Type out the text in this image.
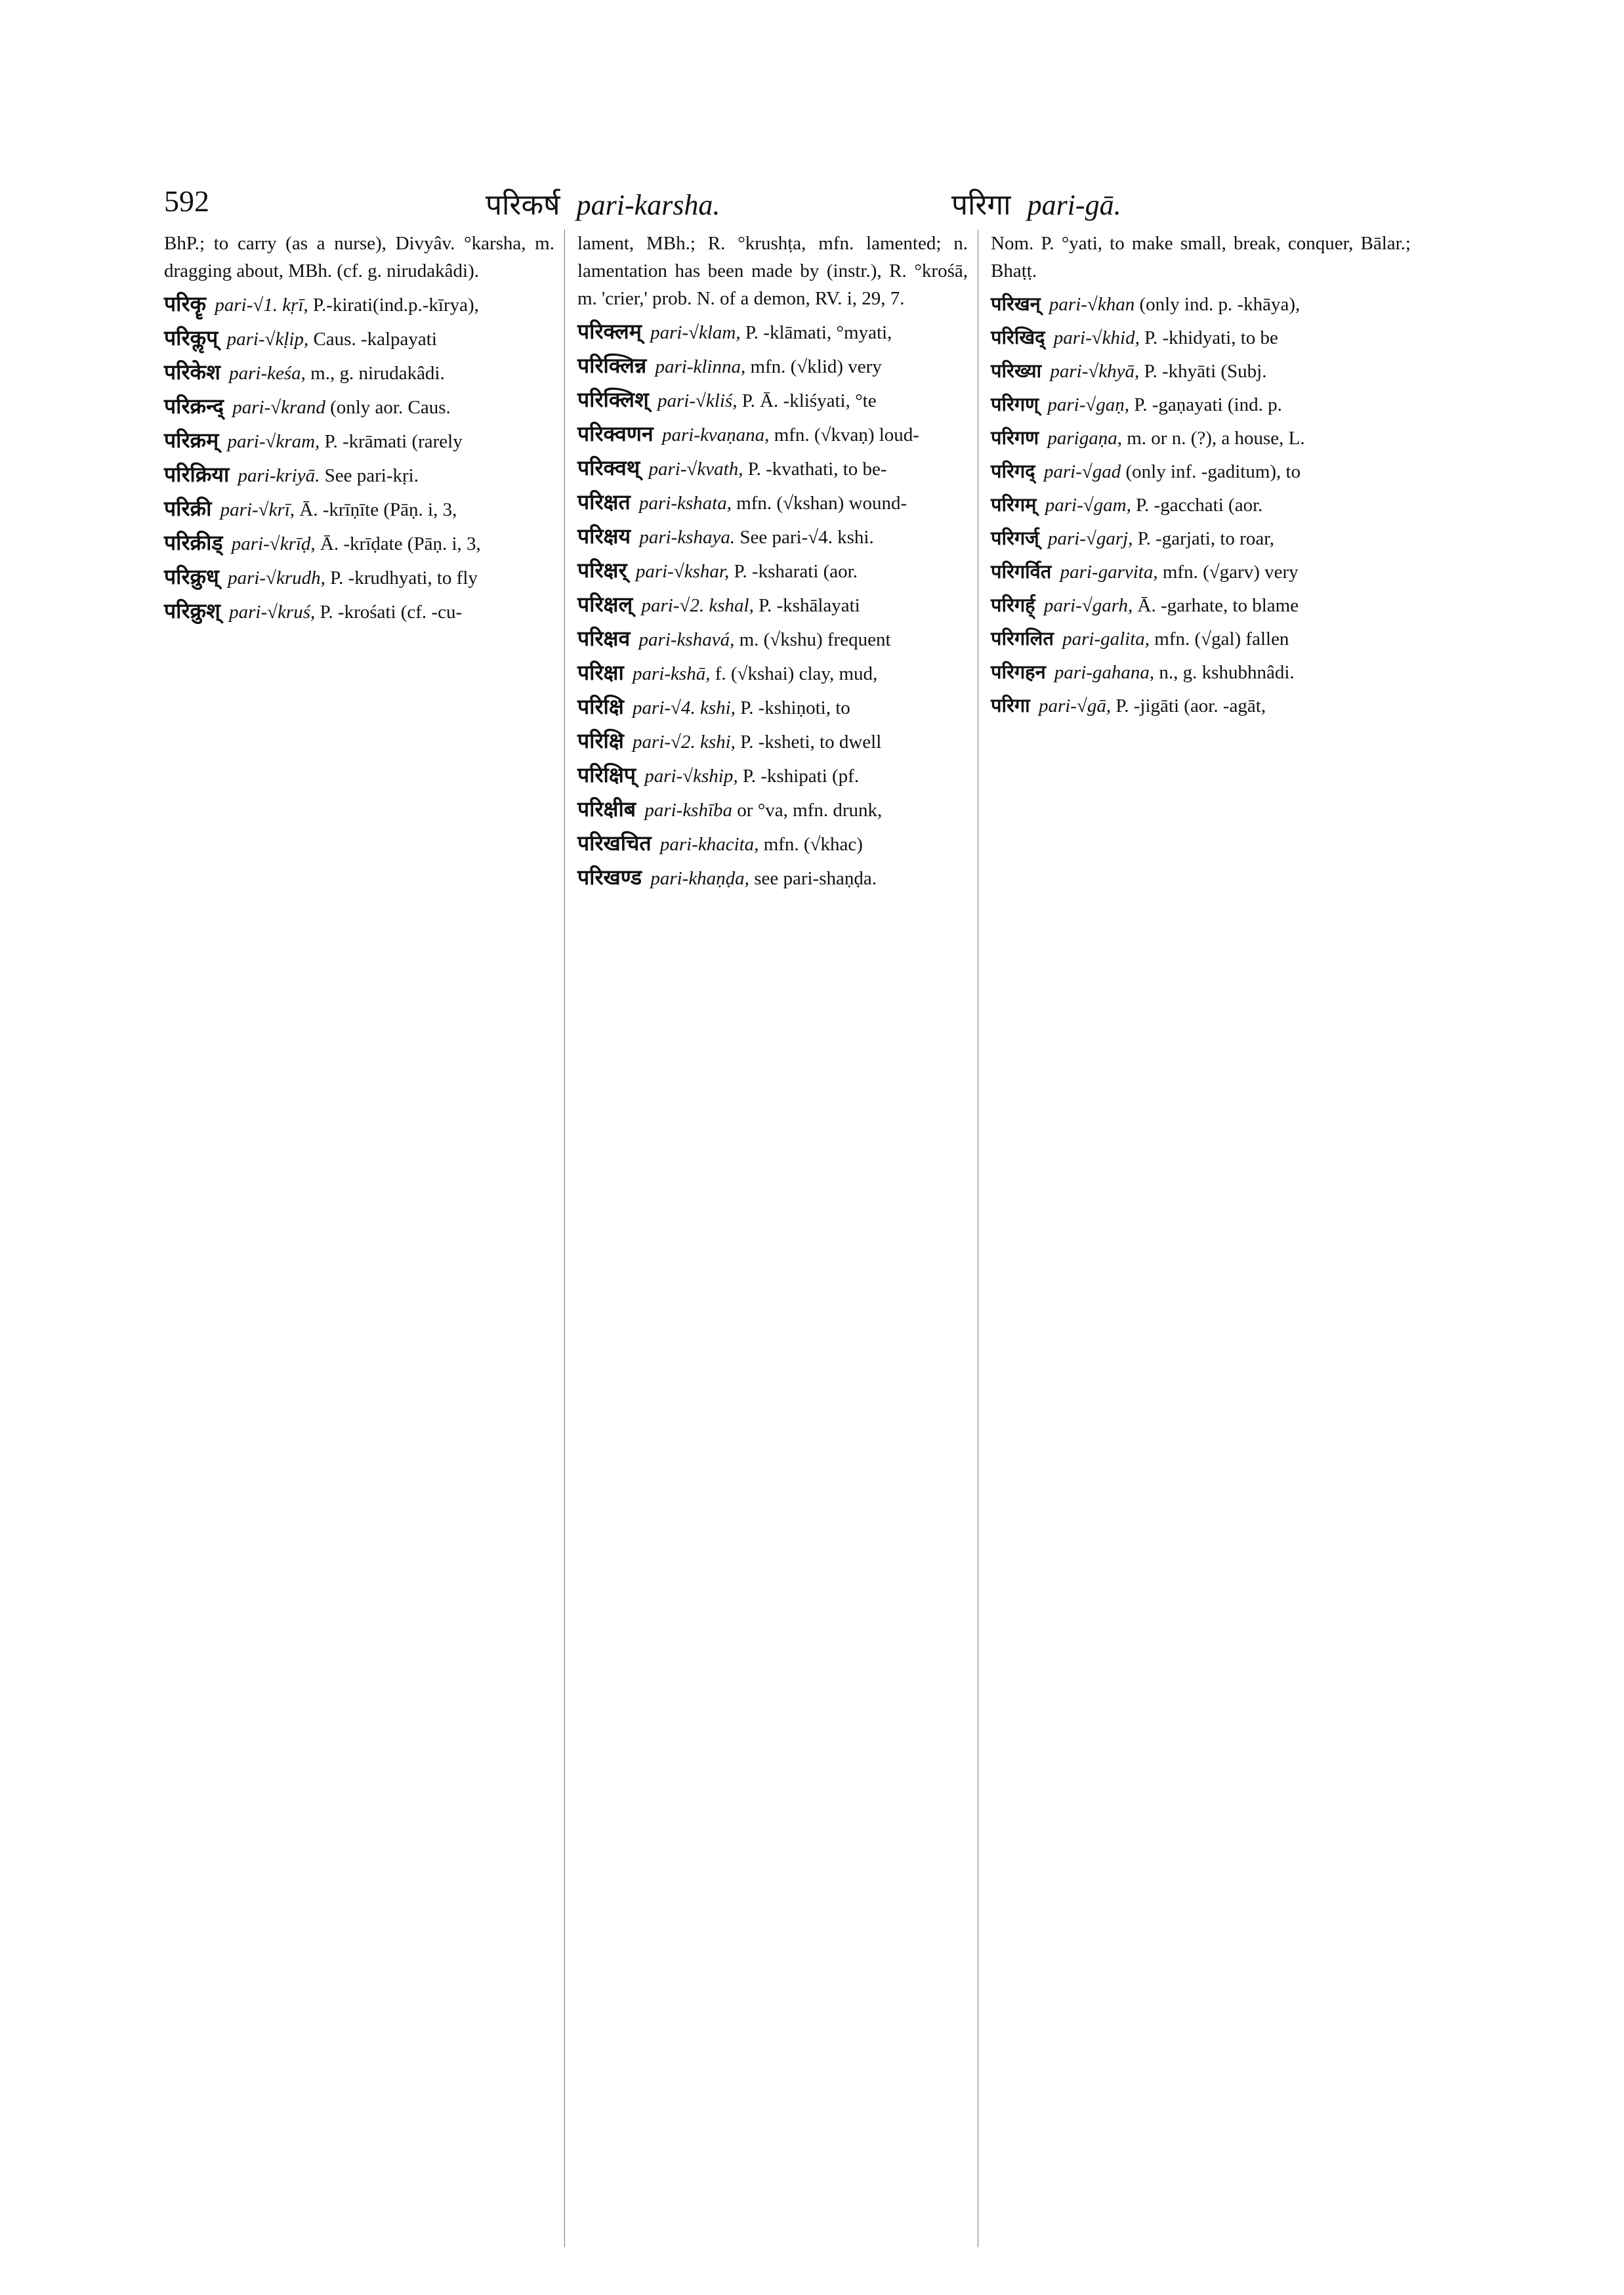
592	परिकर्ष pari-karsha.	परिगा pari-gā.

BhP.; to carry (as a nurse), Divyâv. °karsha, m. dragging about, MBh. (cf. g. nirudakâdi).

परिकॄ pari-√1. kṛī, P.-kirati(ind.p.-kīrya),

परिकॢप् pari-√kḷip, Caus. -kalpayati

परिकेश pari-keśa, m., g. nirudakâdi.

परिक्रन्द् pari-√krand (only aor. Caus.

परिक्रम् pari-√kram, P. -krāmati (rarely

परिक्रिया pari-kriyā. See pari-kṛi.

परिक्री pari-√krī, Ā. -krīṇīte (Pāṇ. i, 3,

परिक्रीड् pari-√krīḍ, Ā. -krīḍate (Pāṇ. i, 3,

परिक्रुध् pari-√krudh, P. -krudhyati, to fly

परिक्रुश् pari-√kruś, P. -krośati (cf. -cu-

lament, MBh.; R. °krushṭa, mfn. lamented; n. lamentation has been made by (instr.), R. °krośā, m. 'crier,' prob. N. of a demon, RV. i, 29, 7.

परिक्लम् pari-√klam, P. -klāmati, °myati,

परिक्लिन्न pari-klinna, mfn. (√klid) very

परिक्लिश् pari-√kliś, P. Ā. -kliśyati, °te

परिक्वणन pari-kvaṇana, mfn. (√kvaṇ) loud-

परिक्वथ् pari-√kvath, P. -kvathati, to be-

परिक्षत pari-kshata, mfn. (√kshan) wound-

परिक्षय pari-kshaya. See pari-√4. kshi.

परिक्षर् pari-√kshar, P. -ksharati (aor.

परिक्षल् pari-√2. kshal, P. -kshālayati

परिक्षव pari-kshavá, m. (√kshu) frequent

परिक्षा pari-kshā, f. (√kshai) clay, mud,

परिक्षि pari-√4. kshi, P. -kshiṇoti, to

परिक्षि pari-√2. kshi, P. -ksheti, to dwell

परिक्षिप् pari-√kship, P. -kshipati (pf.

परिक्षीब pari-kshība or °va, mfn. drunk,

परिखचित pari-khacita, mfn. (√khac)

परिखण्ड pari-khaṇḍa, see pari-shaṇḍa.

Nom. P. °yati, to make small, break, conquer, Bālar.; Bhaṭṭ.

परिखन् pari-√khan (only ind. p. -khāya),

परिखिद् pari-√khid, P. -khidyati, to be

परिख्या pari-√khyā, P. -khyāti (Subj.

परिगण् pari-√gaṇ, P. -gaṇayati (ind. p.

परिगण parigaṇa, m. or n. (?), a house, L.

परिगद् pari-√gad (only inf. -gaditum), to

परिगम् pari-√gam, P. -gacchati (aor.

परिगर्ज् pari-√garj, P. -garjati, to roar,

परिगर्वित pari-garvita, mfn. (√garv) very

परिगर्ह् pari-√garh, Ā. -garhate, to blame

परिगलित pari-galita, mfn. (√gal) fallen

परिगहन pari-gahana, n., g. kshubhnâdi.

परिगा pari-√gā, P. -jigāti (aor. -agāt,
